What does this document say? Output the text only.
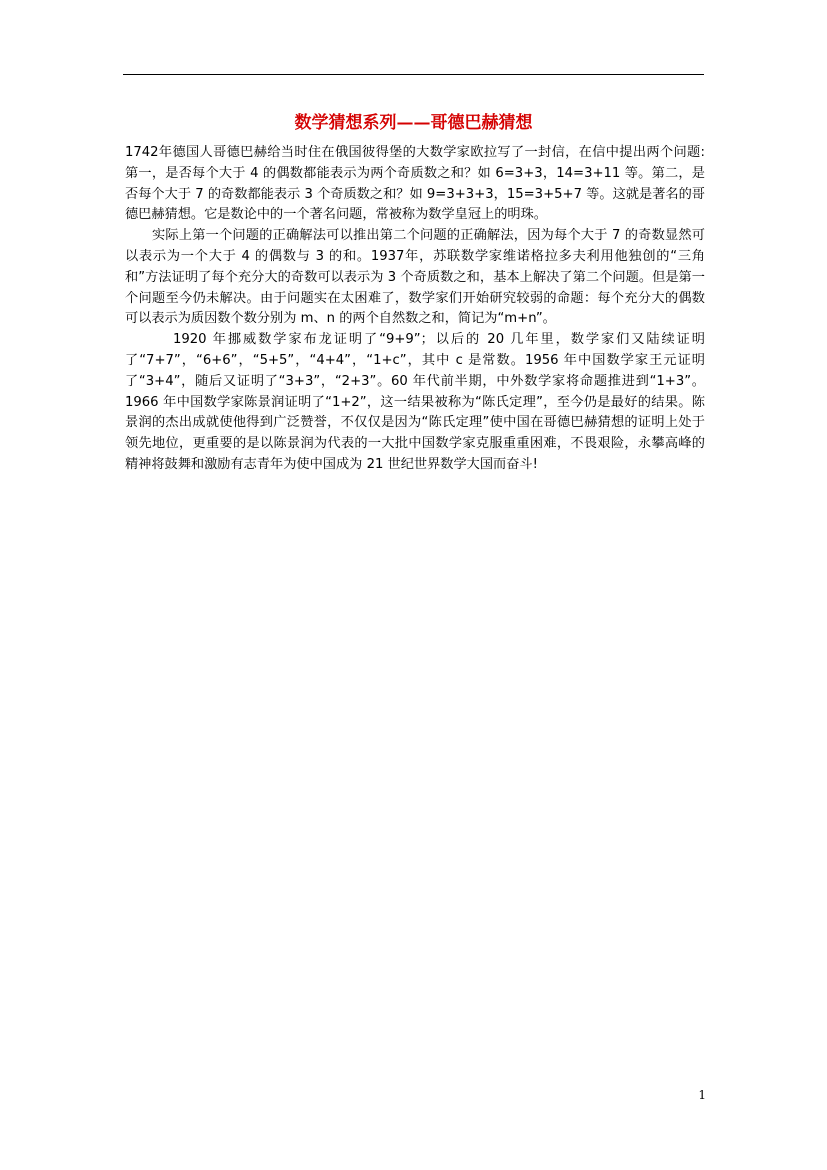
数学猜想系列——哥德巴赫猜想

1742年德国人哥德巴赫给当时住在俄国彼得堡的大数学家欧拉写了一封信，在信中提出两个问题: 第一，是否每个大于 4 的偶数都能表示为两个奇质数之和？如 6=3+3，14=3+11 等。第二，是否每个大于 7 的奇数都能表示 3 个奇质数之和？如 9=3+3+3，15=3+5+7 等。这就是著名的哥德巴赫猜想。它是数论中的一个著名问题，常被称为数学皇冠上的明珠。

实际上第一个问题的正确解法可以推出第二个问题的正确解法，因为每个大于 7 的奇数显然可以表示为一个大于 4 的偶数与 3 的和。1937年，苏联数学家维诺格拉多夫利用他独创的“三角和”方法证明了每个充分大的奇数可以表示为 3 个奇质数之和，基本上解决了第二个问题。但是第一个问题至今仍未解决。由于问题实在太困难了，数学家们开始研究较弱的命题：每个充分大的偶数可以表示为质因数个数分别为 m、n 的两个自然数之和，简记为“m+n”。

1920 年挪威数学家布龙证明了“9+9”；以后的 20 几年里，数学家们又陆续证明了“7+7”，“6+6”，“5+5”，“4+4”，“1+c”，其中 c 是常数。1956 年中国数学家王元证明了“3+4”，随后又证明了“3+3”，“2+3”。60 年代前半期，中外数学家将命题推进到“1+3”。1966 年中国数学家陈景润证明了“1+2”，这一结果被称为“陈氏定理”，至今仍是最好的结果。陈景润的杰出成就使他得到广泛赞誉，不仅仅是因为“陈氏定理”使中国在哥德巴赫猜想的证明上处于领先地位，更重要的是以陈景润为代表的一大批中国数学家克服重重困难，不畏艰险，永攀高峰的精神将鼓舞和激励有志青年为使中国成为 21 世纪世界数学大国而奋斗!

1
